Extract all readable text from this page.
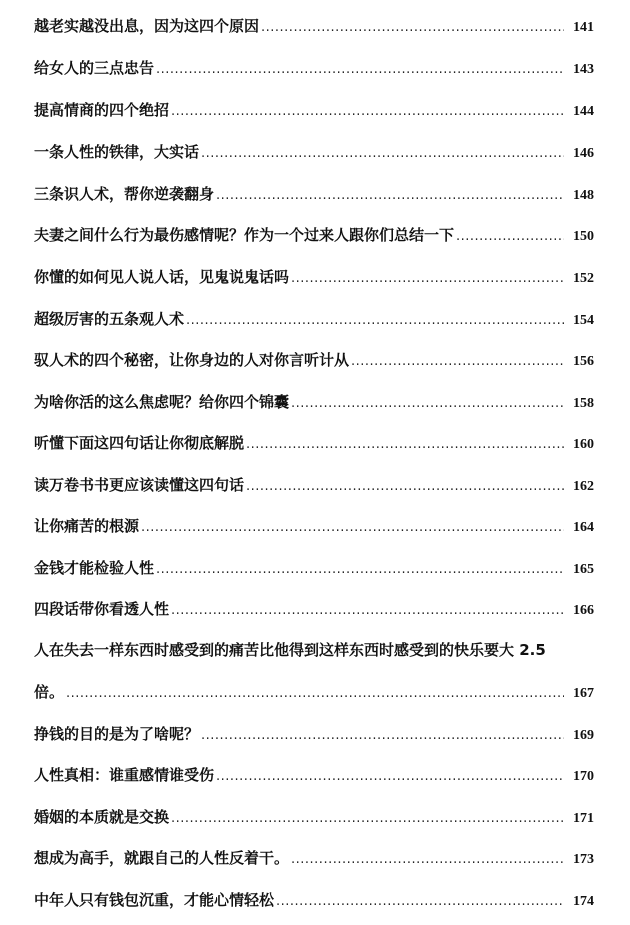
越老实越没出息，因为这四个原因 .....	141
给女人的三点忠告 .....	143
提高情商的四个绝招 .....	144
一条人性的铁律，大实话 .....	146
三条识人术，帮你逆袭翻身 .....	148
夫妻之间什么行为最伤感情呢？作为一个过来人跟你们总结一下 .....	150
你懂的如何见人说人话，见鬼说鬼话吗 .....	152
超级厉害的五条观人术 .....	154
驭人术的四个秘密，让你身边的人对你言听计从 .....	156
为啥你活的这么焦虑呢？给你四个锦囊 .....	158
听懂下面这四句话让你彻底解脱 .....	160
读万卷书书更应该读懂这四句话 .....	162
让你痛苦的根源 .....	164
金钱才能检验人性 .....	165
四段话带你看透人性 .....	166
人在失去一样东西时感受到的痛苦比他得到这样东西时感受到的快乐要大 2.5
倍。 .....	167
挣钱的目的是为了啥呢？ .....	169
人性真相：谁重感情谁受伤 .....	170
婚姻的本质就是交换 .....	171
想成为高手，就跟自己的人性反着干。 .....	173
中年人只有钱包沉重，才能心情轻松 .....	174
